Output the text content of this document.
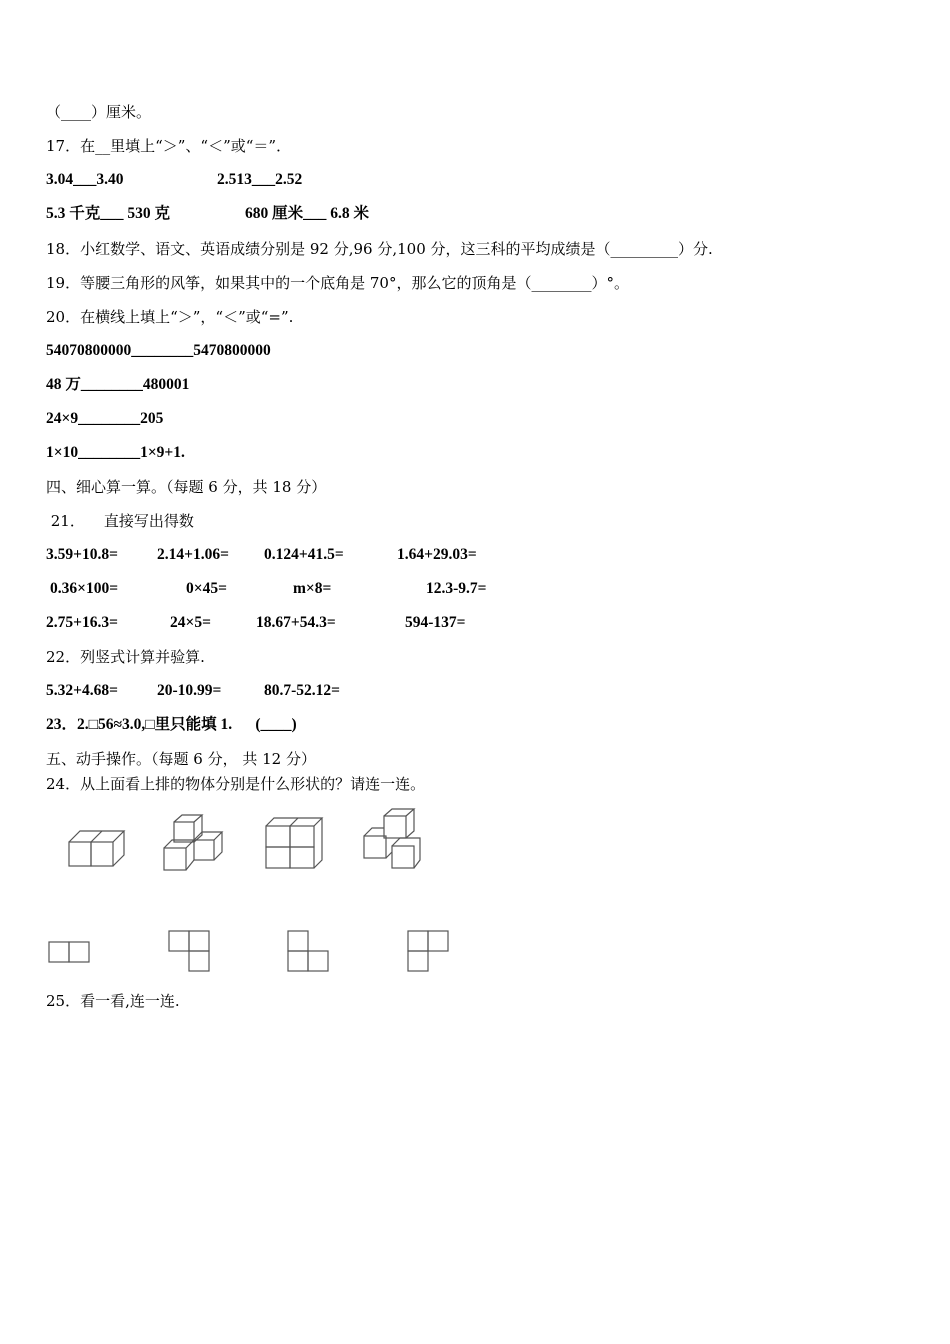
（____）厘米。
17．在__里填上“＞”、“＜”或“＝”．
3.04___3.40	2.513___2.52
5.3 千克___ 530 克	680 厘米___ 6.8 米
18．小红数学、语文、英语成绩分别是 92 分,96 分,100 分，这三科的平均成绩是（_________）分.
19．等腰三角形的风筝，如果其中的一个底角是 70°，那么它的顶角是（________）°。
20．在横线上填上“＞”，“＜”或“=”.
54070800000________5470800000
48 万________480001
24×9________205
1×10________1×9+1.
四、细心算一算。（每题 6 分，共 18 分）
21．    直接写出得数
3.59+10.8=	2.14+1.06= 0.124+41.5=	1.64+29.03=
0.36×100=	0×45=	m×8=	12.3-9.7=
2.75+16.3=	24×5=	18.67+54.3=	594-137=
22．列竖式计算并验算.
5.32+4.68=	20-10.99=	80.7-52.12=
23．2.□56≈3.0,□里只能填 1.      (____)
五、动手操作。（每题 6 分， 共 12 分）
24．从上面看上排的物体分别是什么形状的？请连一连。
25．看一看,连一连.
